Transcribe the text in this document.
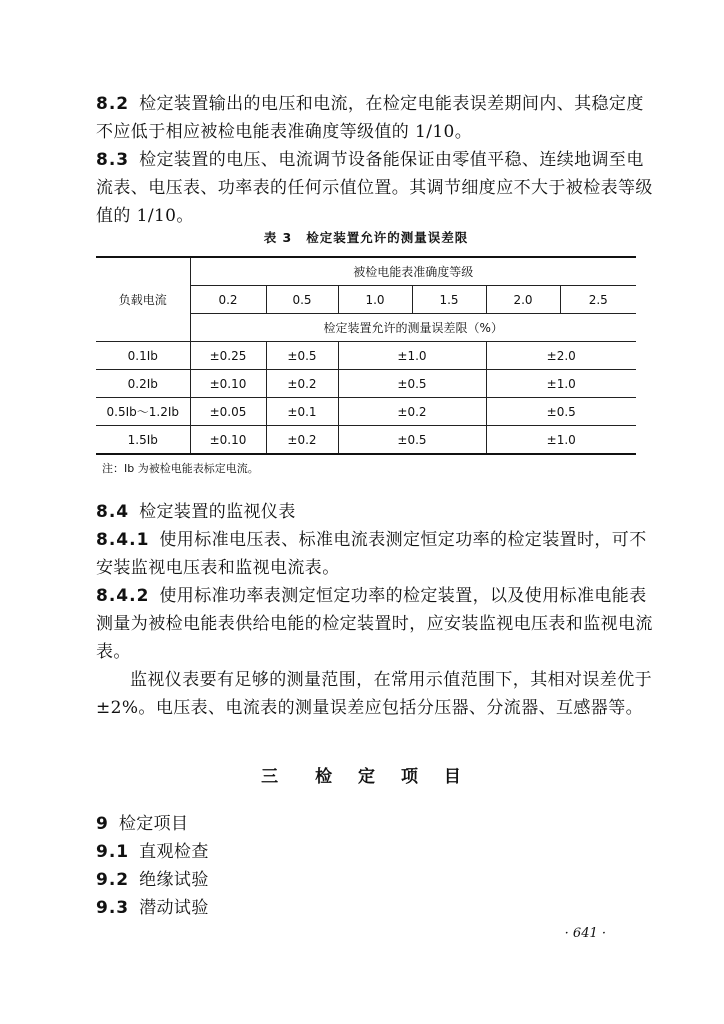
8.2 检定装置输出的电压和电流，在检定电能表误差期间内、其稳定度不应低于相应被检电能表准确度等级值的 1/10。

8.3 检定装置的电压、电流调节设备能保证由零值平稳、连续地调至电流表、电压表、功率表的任何示值位置。其调节细度应不大于被检表等级值的 1/10。

表 3 检定装置允许的测量误差限
负载电流	被检电能表准确度等级					
	0.2	0.5	1.0	1.5	2.0	2.5
	检定装置允许的测量误差限（%）					
0.1Ib	±0.25	±0.5	±1.0		±2.0	
0.2Ib	±0.10	±0.2	±0.5		±1.0	
0.5Ib～1.2Ib	±0.05	±0.1	±0.2		±0.5	
1.5Ib	±0.10	±0.2	±0.5		±1.0	
注：Ib 为被检电能表标定电流。

8.4 检定装置的监视仪表

8.4.1 使用标准电压表、标准电流表测定恒定功率的检定装置时，可不安装监视电压表和监视电流表。

8.4.2 使用标准功率表测定恒定功率的检定装置，以及使用标准电能表测量为被检电能表供给电能的检定装置时，应安装监视电压表和监视电流表。

监视仪表要有足够的测量范围，在常用示值范围下，其相对误差优于±2%。电压表、电流表的测量误差应包括分压器、分流器、互感器等。

三　检 定 项 目

9 检定项目

9.1 直观检查

9.2 绝缘试验

9.3 潜动试验

· 641 ·
